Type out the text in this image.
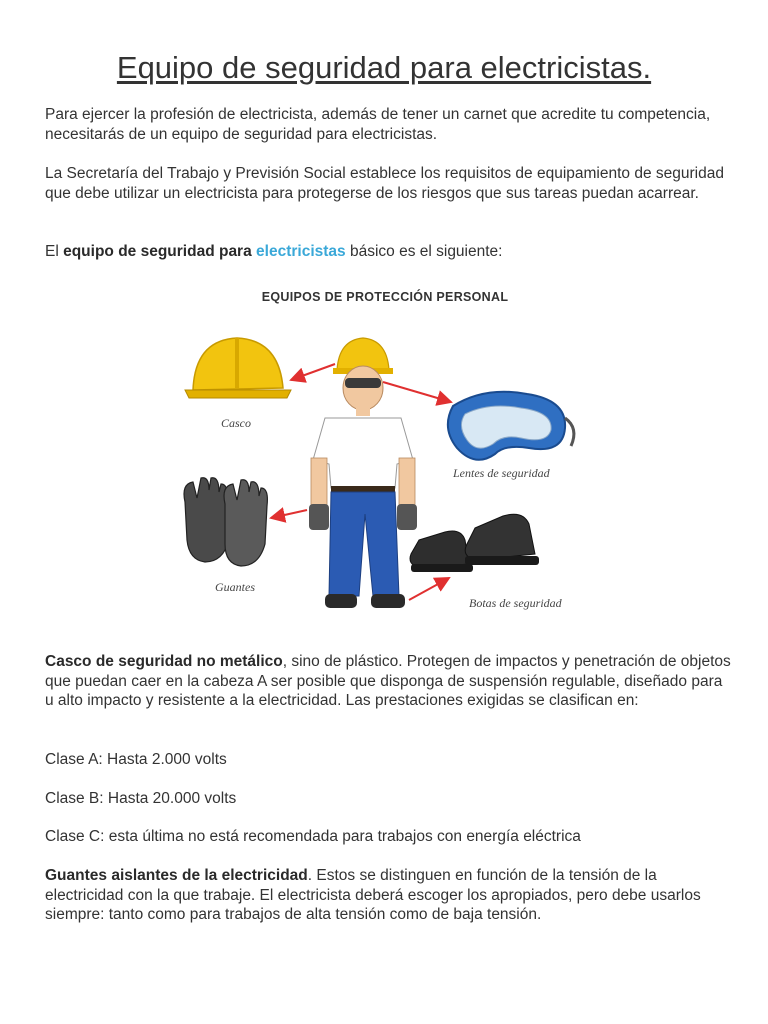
Equipo de seguridad para electricistas.

Para ejercer la profesión de electricista, además de tener un carnet que acredite tu competencia, necesitarás de un equipo de seguridad para electricistas.

La Secretaría del Trabajo y Previsión Social establece los requisitos de equipamiento de seguridad que debe utilizar un electricista para protegerse de los riesgos que sus tareas puedan acarrear.

El equipo de seguridad para electricistas básico es el siguiente:

EQUIPOS DE PROTECCIÓN PERSONAL
Casco
Lentes de seguridad
Guantes
Botas de seguridad

Casco de seguridad no metálico, sino de plástico. Protegen de impactos y penetración de objetos que puedan caer en la cabeza A ser posible que disponga de suspensión regulable, diseñado para u alto impacto y resistente a la electricidad. Las prestaciones exigidas se clasifican en:

Clase A: Hasta 2.000 volts

Clase B: Hasta 20.000 volts

Clase C: esta última no está recomendada para trabajos con energía eléctrica

Guantes aislantes de la electricidad. Estos se distinguen en función de la tensión de la electricidad con la que trabaje. El electricista deberá escoger los apropiados, pero debe usarlos siempre: tanto como para trabajos de alta tensión como de baja tensión.
